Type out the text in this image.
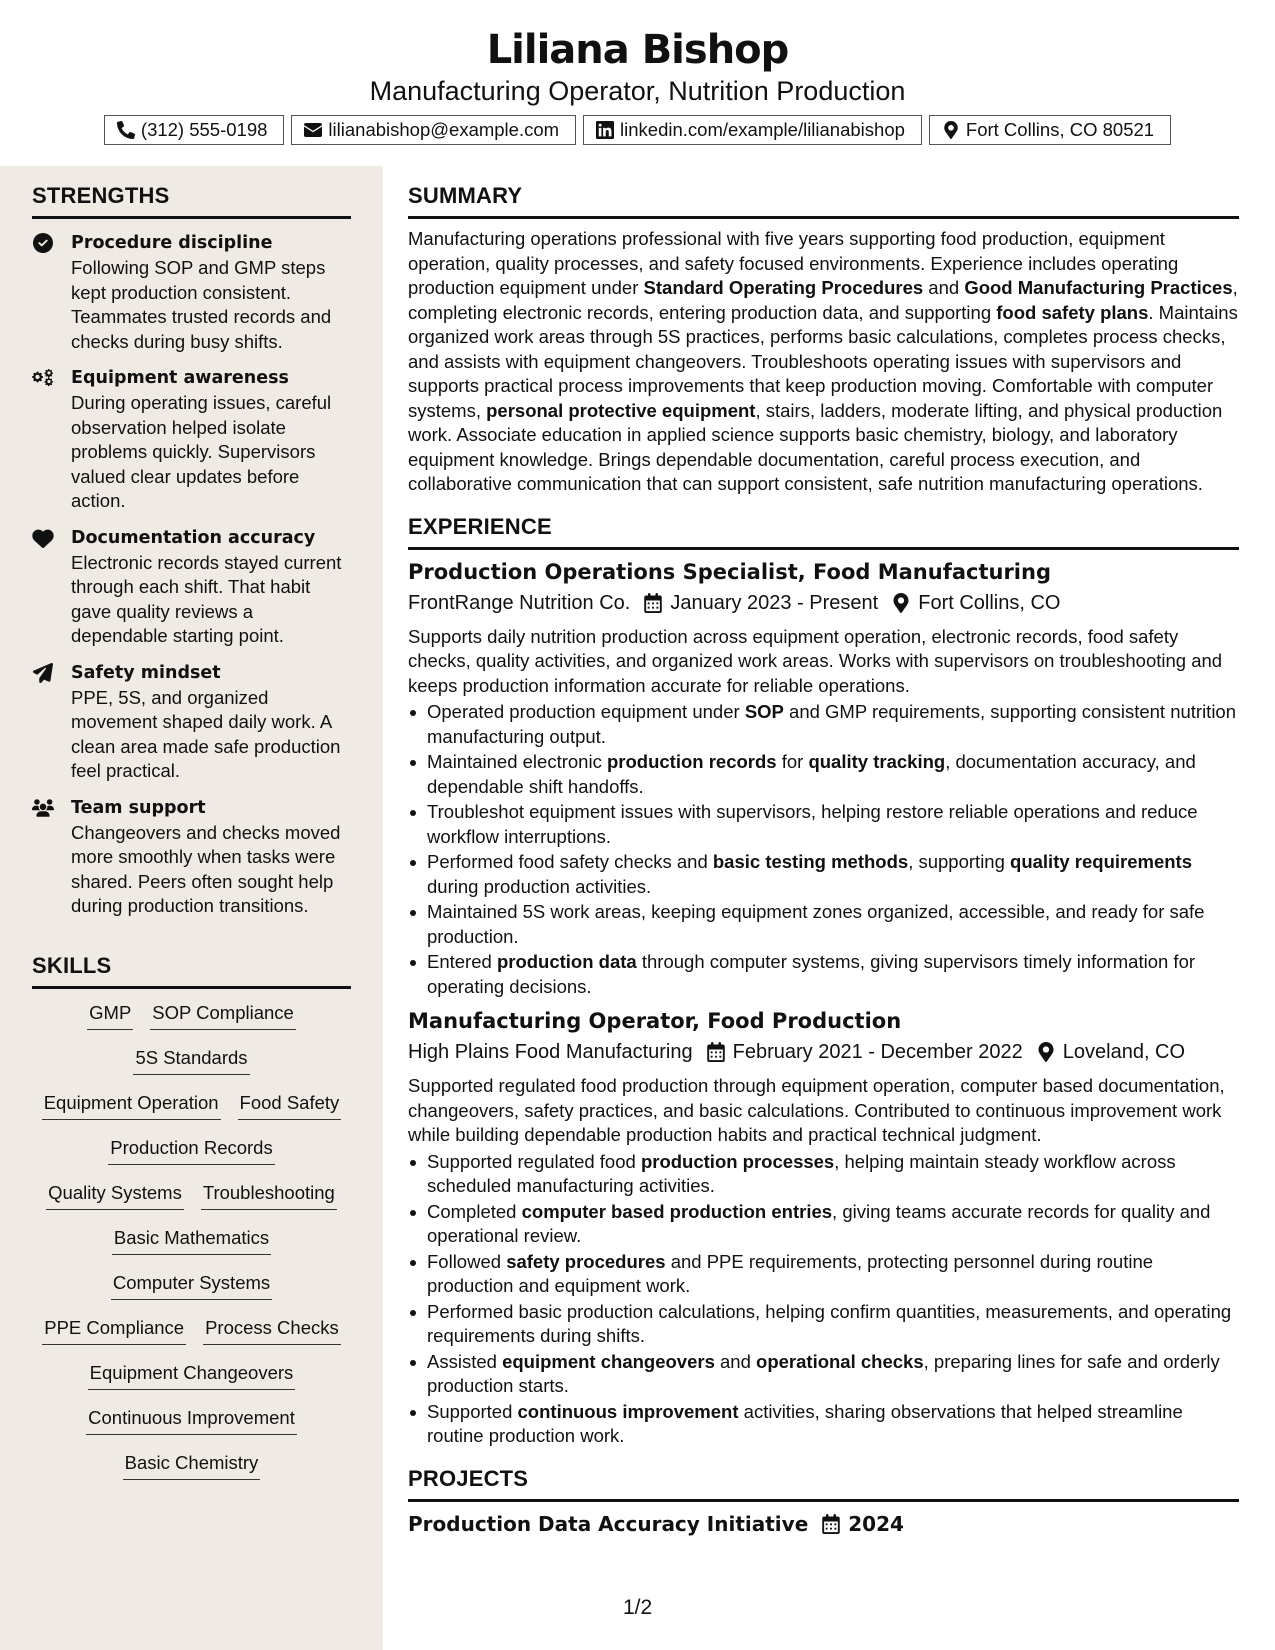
Liliana Bishop
Manufacturing Operator, Nutrition Production
(312) 555-0198	lilianabishop@example.com	linkedin.com/example/lilianabishop	Fort Collins, CO 80521
STRENGTHS
Procedure discipline
Following SOP and GMP steps kept production consistent. Teammates trusted records and checks during busy shifts.
Equipment awareness
During operating issues, careful observation helped isolate problems quickly. Supervisors valued clear updates before action.
Documentation accuracy
Electronic records stayed current through each shift. That habit gave quality reviews a dependable starting point.
Safety mindset
PPE, 5S, and organized movement shaped daily work. A clean area made safe production feel practical.
Team support
Changeovers and checks moved more smoothly when tasks were shared. Peers often sought help during production transitions.
SKILLS
GMP SOP Compliance
5S Standards
Equipment Operation Food Safety
Production Records
Quality Systems Troubleshooting
Basic Mathematics
Computer Systems
PPE Compliance Process Checks
Equipment Changeovers
Continuous Improvement
Basic Chemistry
SUMMARY

Manufacturing operations professional with five years supporting food production, equipment operation, quality processes, and safety focused environments. Experience includes operating production equipment under Standard Operating Procedures and Good Manufacturing Practices, completing electronic records, entering production data, and supporting food safety plans. Maintains organized work areas through 5S practices, performs basic calculations, completes process checks, and assists with equipment changeovers. Troubleshoots operating issues with supervisors and supports practical process improvements that keep production moving. Comfortable with computer systems, personal protective equipment, stairs, ladders, moderate lifting, and physical production work. Associate education in applied science supports basic chemistry, biology, and laboratory equipment knowledge. Brings dependable documentation, careful process execution, and collaborative communication that can support consistent, safe nutrition manufacturing operations.

EXPERIENCE
Production Operations Specialist, Food Manufacturing
FrontRange Nutrition Co. January 2023 - Present Fort Collins, CO

Supports daily nutrition production across equipment operation, electronic records, food safety checks, quality activities, and organized work areas. Works with supervisors on troubleshooting and keeps production information accurate for reliable operations.

Operated production equipment under SOP and GMP requirements, supporting consistent nutrition manufacturing output.
Maintained electronic production records for quality tracking, documentation accuracy, and dependable shift handoffs.
Troubleshot equipment issues with supervisors, helping restore reliable operations and reduce workflow interruptions.
Performed food safety checks and basic testing methods, supporting quality requirements during production activities.
Maintained 5S work areas, keeping equipment zones organized, accessible, and ready for safe production.
Entered production data through computer systems, giving supervisors timely information for operating decisions.
Manufacturing Operator, Food Production
High Plains Food Manufacturing February 2021 - December 2022 Loveland, CO

Supported regulated food production through equipment operation, computer based documentation, changeovers, safety practices, and basic calculations. Contributed to continuous improvement work while building dependable production habits and practical technical judgment.

Supported regulated food production processes, helping maintain steady workflow across scheduled manufacturing activities.
Completed computer based production entries, giving teams accurate records for quality and operational review.
Followed safety procedures and PPE requirements, protecting personnel during routine production and equipment work.
Performed basic production calculations, helping confirm quantities, measurements, and operating requirements during shifts.
Assisted equipment changeovers and operational checks, preparing lines for safe and orderly production starts.
Supported continuous improvement activities, sharing observations that helped streamline routine production work.
PROJECTS
Production Data Accuracy Initiative 2024
1/2
